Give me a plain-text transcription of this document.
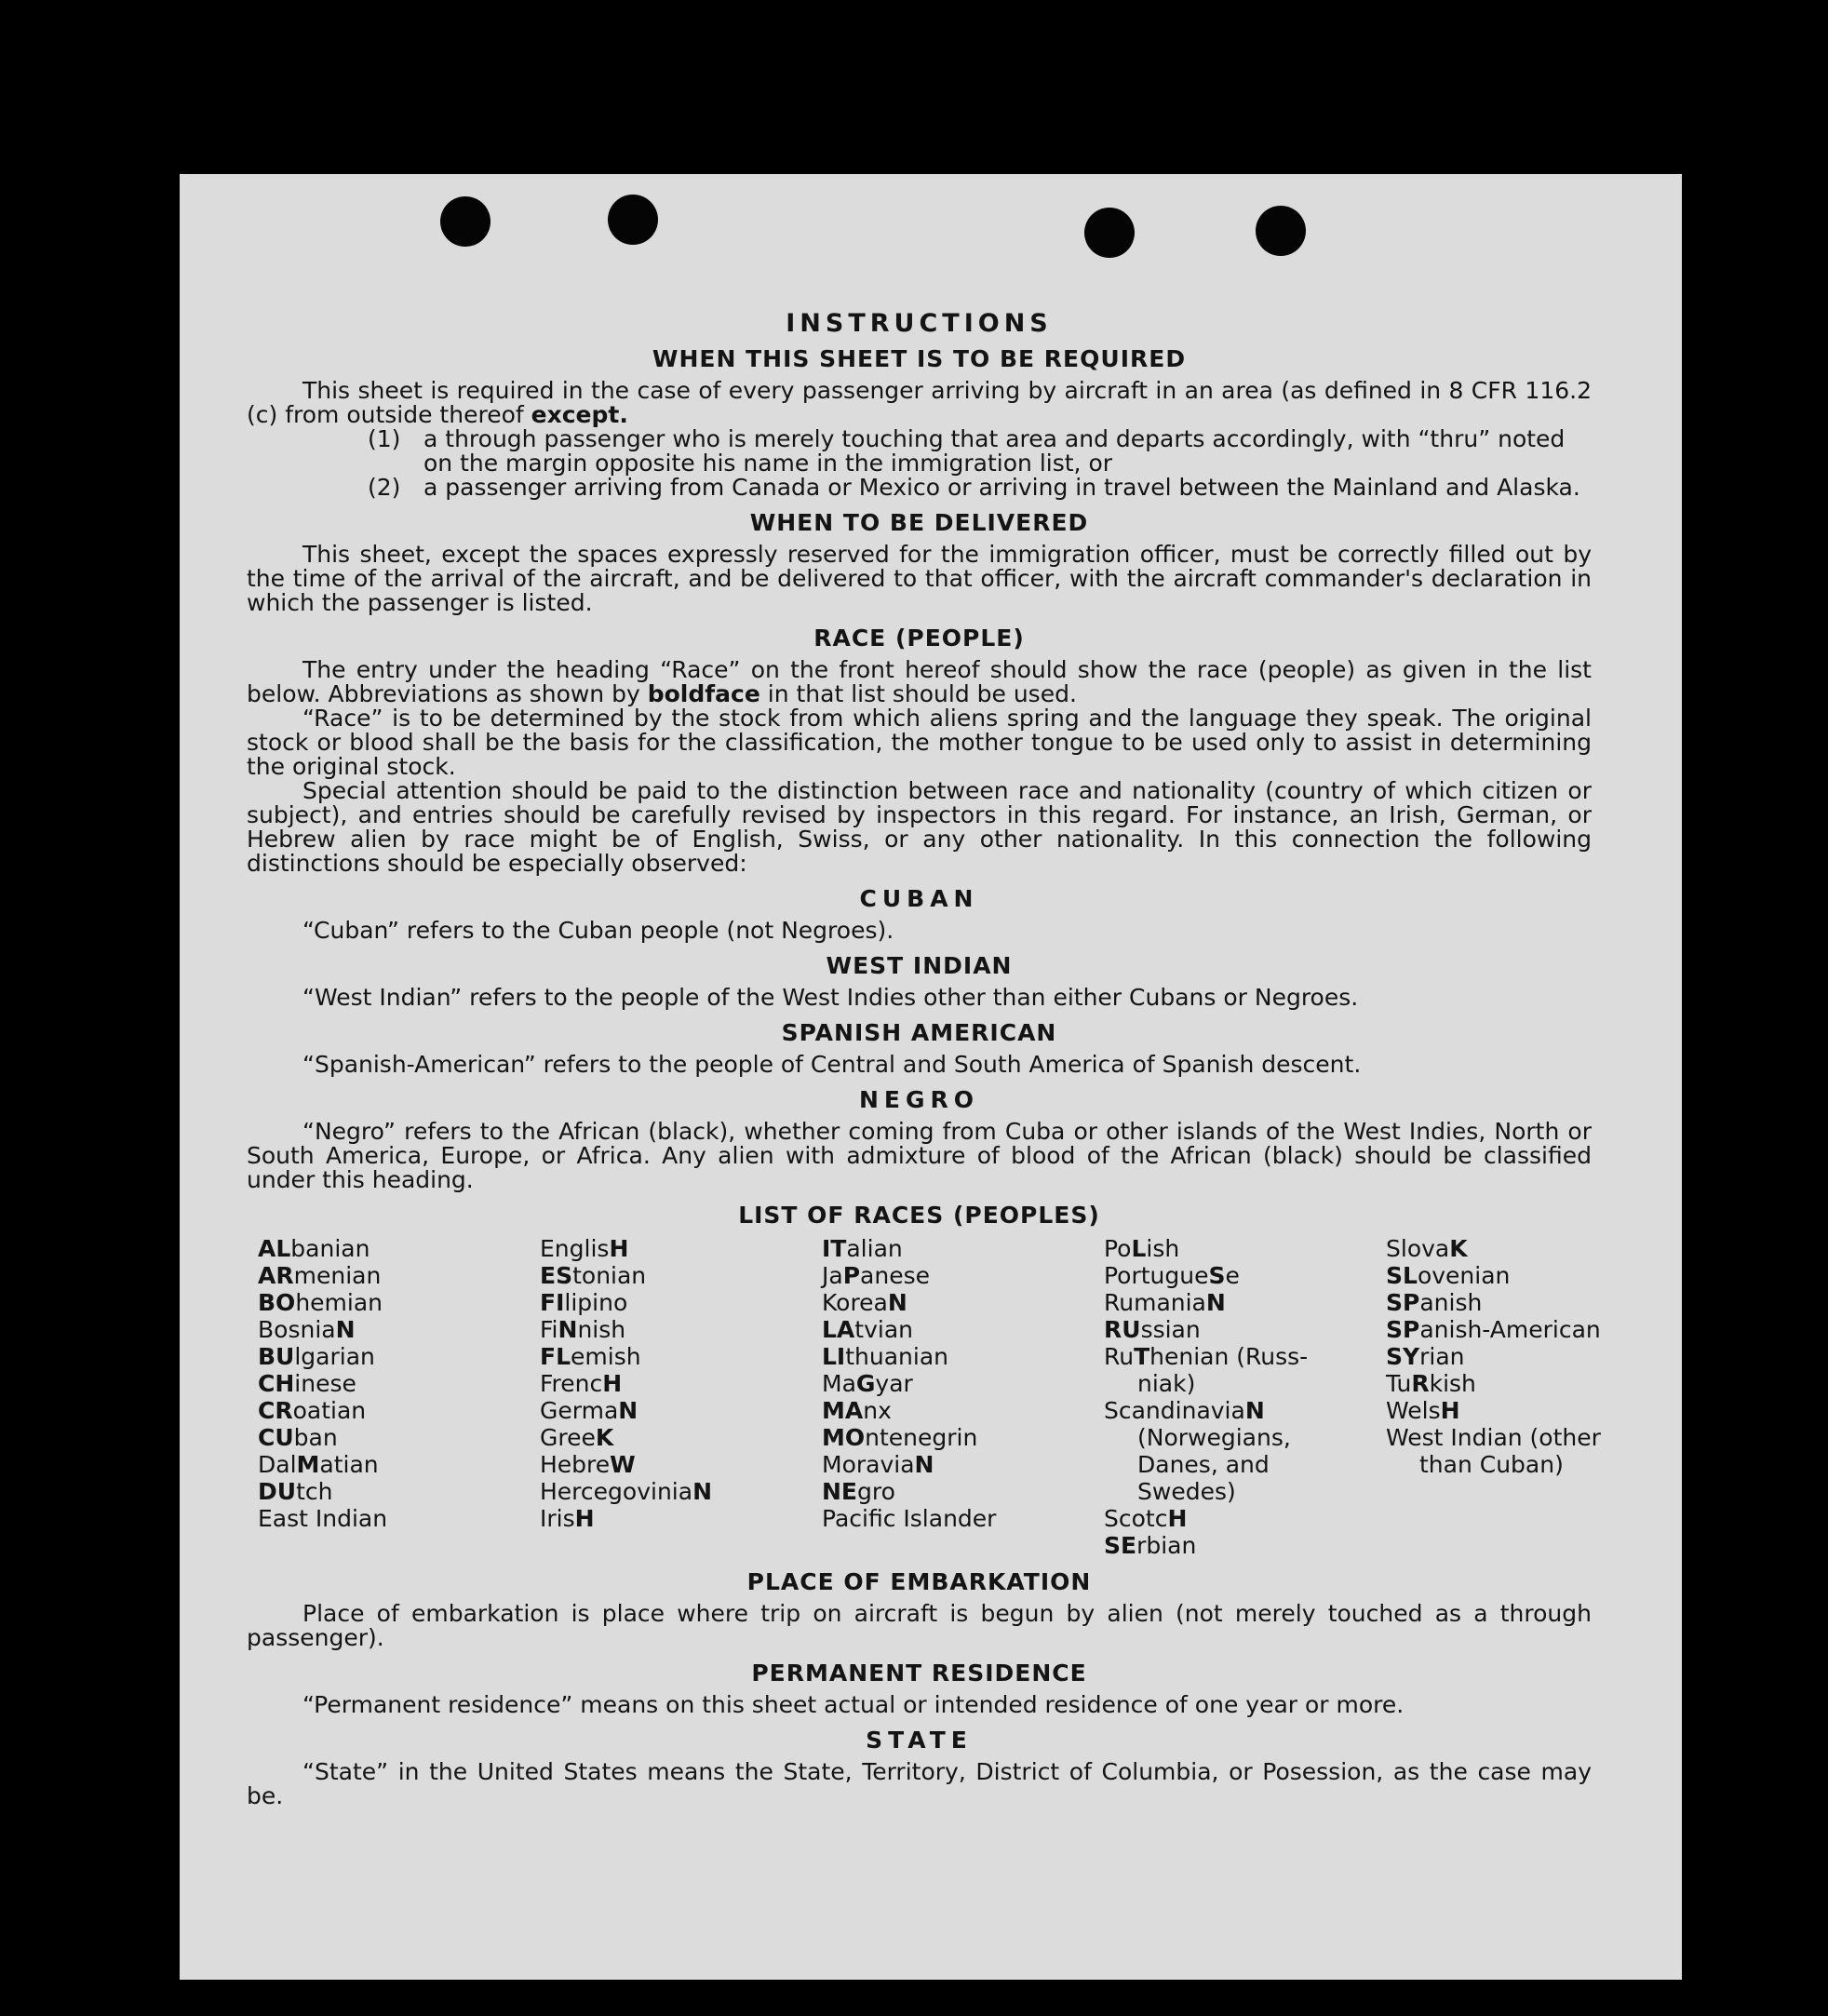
INSTRUCTIONS
WHEN THIS SHEET IS TO BE REQUIRED

This sheet is required in the case of every passenger arriving by aircraft in an area (as defined in 8 CFR 116.2 (c) from outside thereof except.

(1) a through passenger who is merely touching that area and departs accordingly, with “thru” noted on the margin opposite his name in the immigration list, or
(2) a passenger arriving from Canada or Mexico or arriving in travel between the Mainland and Alaska.
WHEN TO BE DELIVERED

This sheet, except the spaces expressly reserved for the immigration officer, must be correctly filled out by the time of the arrival of the aircraft, and be delivered to that officer, with the aircraft commander's declaration in which the passenger is listed.

RACE (PEOPLE)

The entry under the heading “Race” on the front hereof should show the race (people) as given in the list below. Abbreviations as shown by boldface in that list should be used.

“Race” is to be determined by the stock from which aliens spring and the language they speak. The original stock or blood shall be the basis for the classification, the mother tongue to be used only to assist in determining the original stock.

Special attention should be paid to the distinction between race and nationality (country of which citizen or subject), and entries should be carefully revised by inspectors in this regard. For instance, an Irish, German, or Hebrew alien by race might be of English, Swiss, or any other nationality. In this connection the following distinctions should be especially observed:

CUBAN

“Cuban” refers to the Cuban people (not Negroes).

WEST INDIAN

“West Indian” refers to the people of the West Indies other than either Cubans or Negroes.

SPANISH AMERICAN

“Spanish-American” refers to the people of Central and South America of Spanish descent.

NEGRO

“Negro” refers to the African (black), whether coming from Cuba or other islands of the West Indies, North or South America, Europe, or Africa. Any alien with admixture of blood of the African (black) should be classified under this heading.

LIST OF RACES (PEOPLES)
ALbanian
ARmenian
BOhemian
BosniaN
BUlgarian
CHinese
CRoatian
CUban
DalMatian
DUtch
East Indian
EnglisH
EStonian
FIlipino
FiNnish
FLemish
FrencH
GermaN
GreeK
HebreW
HercegoviniaN
IrisH
ITalian
JaPanese
KoreaN
LAtvian
LIthuanian
MaGyar
MAnx
MOntenegrin
MoraviaN
NEgro
Pacific Islander
PoLish
PortugueSe
RumaniaN
RUssian
RuThenian (Russ-
niak)
ScandinaviaN
(Norwegians,
Danes, and
Swedes)
ScotcH
SErbian
SlovaK
SLovenian
SPanish
SPanish-American
SYrian
TuRkish
WelsH
West Indian (other
than Cuban)
PLACE OF EMBARKATION

Place of embarkation is place where trip on aircraft is begun by alien (not merely touched as a through passenger).

PERMANENT RESIDENCE

“Permanent residence” means on this sheet actual or intended residence of one year or more.

STATE

“State” in the United States means the State, Territory, District of Columbia, or Posession, as the case may be.
